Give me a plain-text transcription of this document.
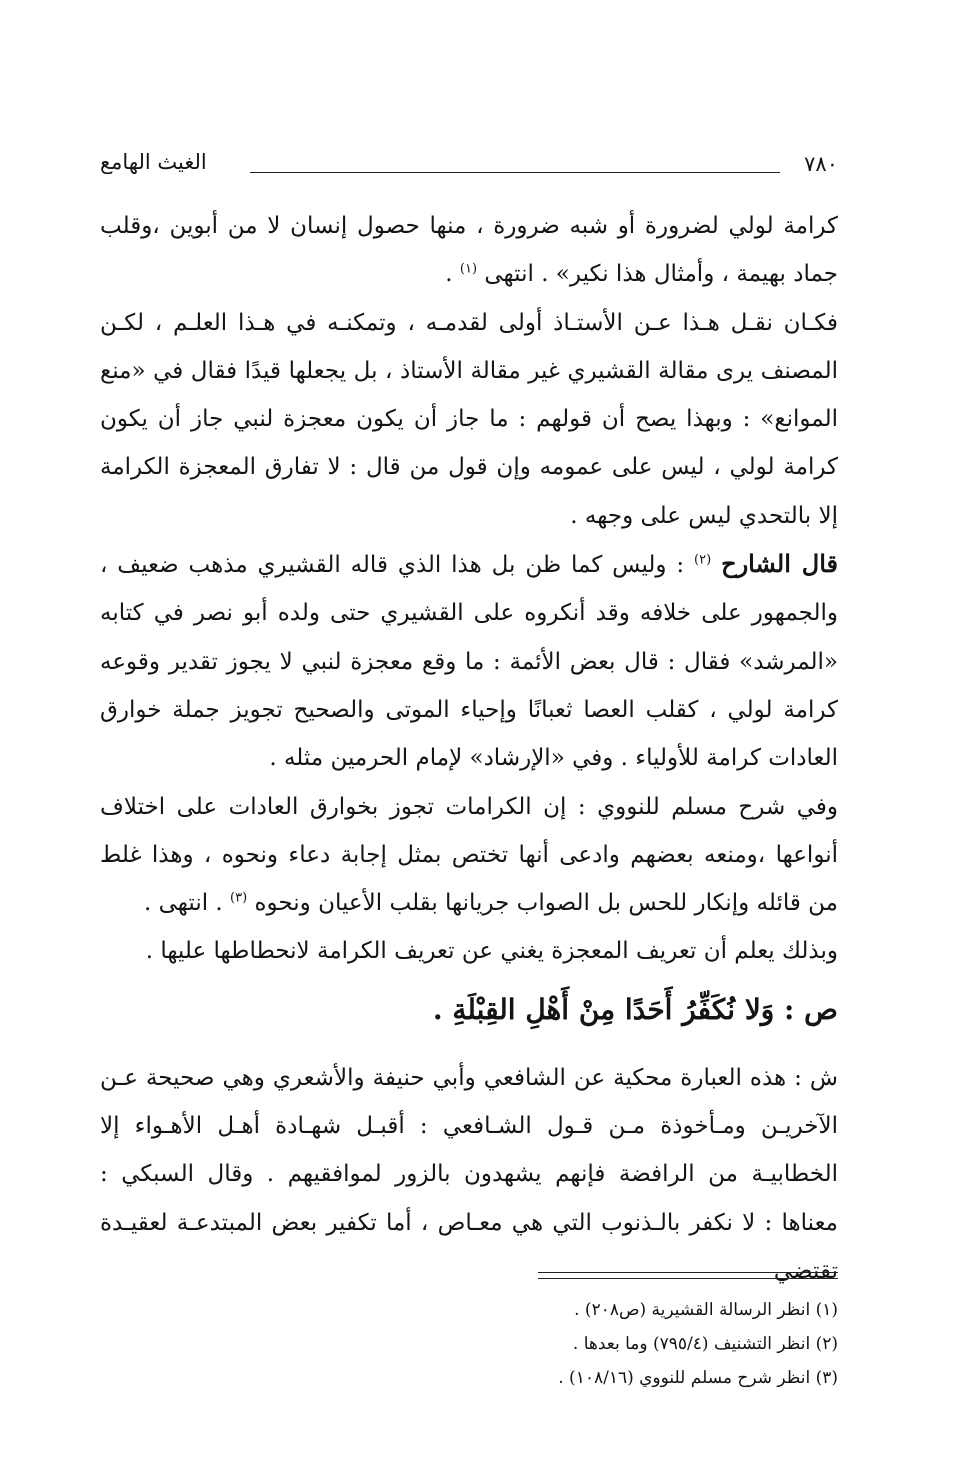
٧٨٠
الغيث الهامع

كرامة لولي لضرورة أو شبه ضرورة ، منها حصول إنسان لا من أبوين ،وقلب جماد بهيمة ، وأمثال هذا نكير» . انتهى $^{(١)}$ .

فكـان نقـل هـذا عـن الأستـاذ أولى لقدمـه ، وتمكنـه في هـذا العلـم ، لكـن المصنف يرى مقالة القشيري غير مقالة الأستاذ ، بل يجعلها قيدًا فقال في «منع الموانع» : وبهذا يصح أن قولهم : ما جاز أن يكون معجزة لنبي جاز أن يكون كرامة لولي ، ليس على عمومه وإن قول من قال : لا تفارق المعجزة الكرامة إلا بالتحدي ليس على وجهه .

قال الشارح $^{(٢)}$ : وليس كما ظن بل هذا الذي قاله القشيري مذهب ضعيف ، والجمهور على خلافه وقد أنكروه على القشيري حتى ولده أبو نصر في كتابه «المرشد» فقال : قال بعض الأئمة : ما وقع معجزة لنبي لا يجوز تقدير وقوعه كرامة لولي ، كقلب العصا ثعبانًا وإحياء الموتى والصحيح تجويز جملة خوارق العادات كرامة للأولياء . وفي «الإرشاد» لإمام الحرمين مثله .

وفي شرح مسلم للنووي : إن الكرامات تجوز بخوارق العادات على اختلاف أنواعها ،ومنعه بعضهم وادعى أنها تختص بمثل إجابة دعاء ونحوه ، وهذا غلط من قائله وإنكار للحس بل الصواب جريانها بقلب الأعيان ونحوه $^{(٣)}$ . انتهى .

وبذلك يعلم أن تعريف المعجزة يغني عن تعريف الكرامة لانحطاطها عليها .

ص : وَلا نُكَفِّرُ أَحَدًا مِنْ أَهْلِ القِبْلَةِ .

ش : هذه العبارة محكية عن الشافعي وأبي حنيفة والأشعري وهي صحيحة عـن الآخريـن ومـأخوذة مـن قـول الشـافعي : أقبـل شهـادة أهـل الأهـواء إلا الخطابيـة من الرافضة فإنهم يشهدون بالزور لموافقيهم . وقال السبكي : معناها : لا نكفر بالـذنوب التي هي معـاص ، أما تكفير بعض المبتدعـة لعقيـدة تقتضي

(١) انظر الرسالة القشيرية (ص٢٠٨) .

(٢) انظر التشنيف (٧٩٥/٤) وما بعدها .

(٣) انظر شرح مسلم للنووي (١٠٨/١٦) .
